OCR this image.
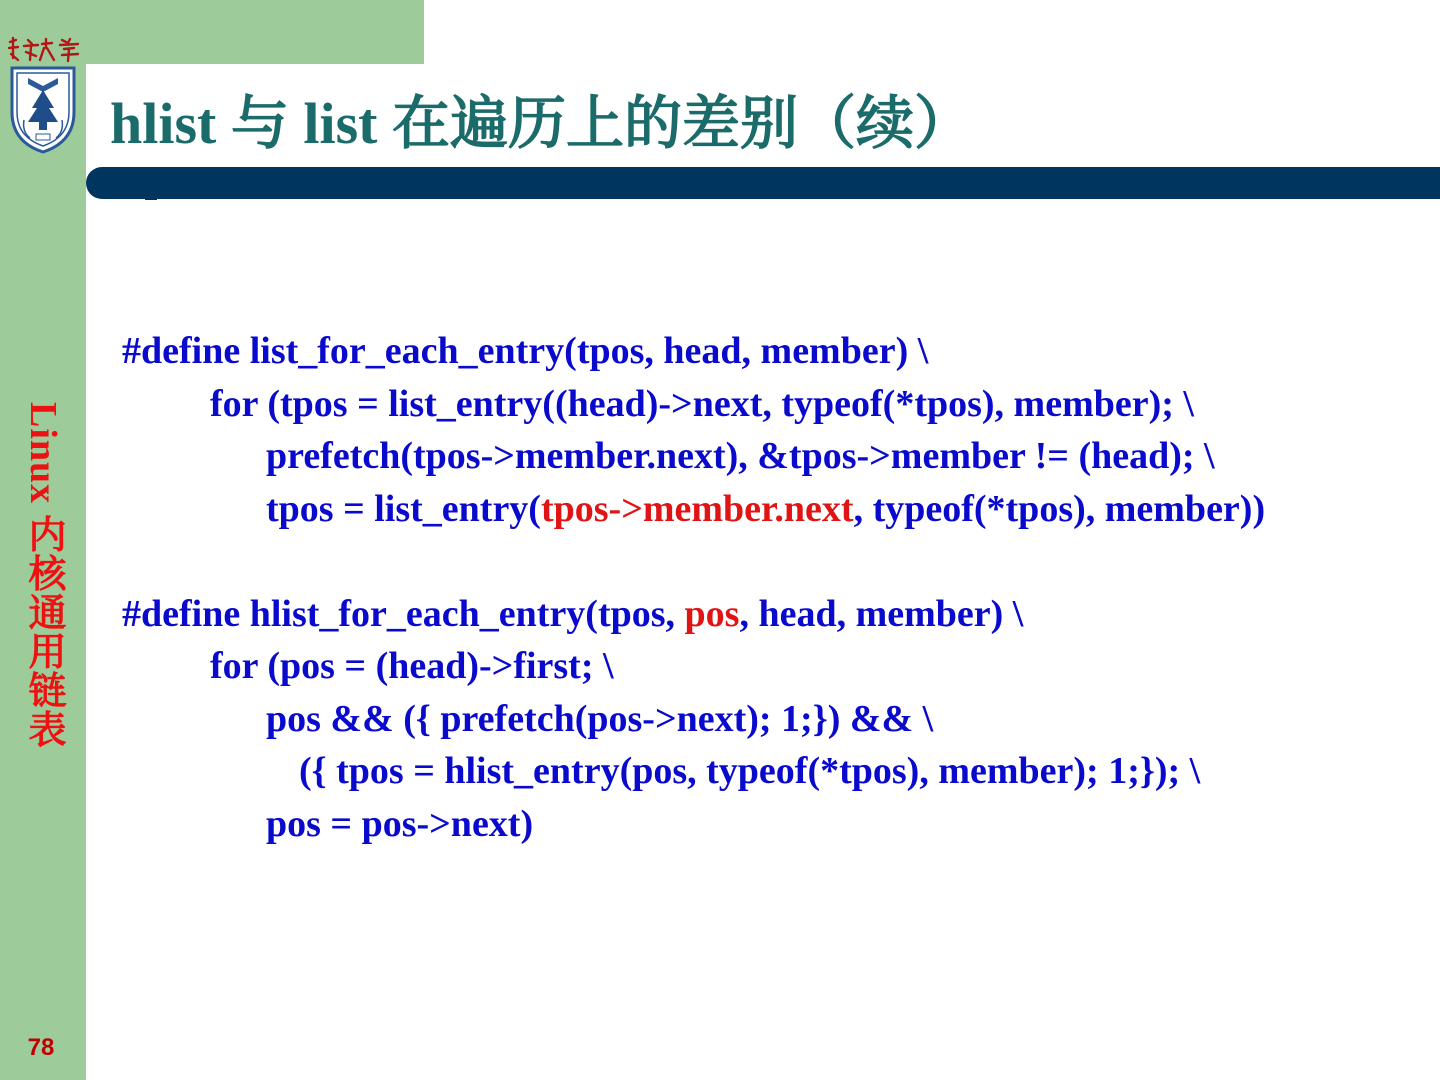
hlist 与 list 在遍历上的差别（续）
Linux 内核通用链表
78
#define list_for_each_entry(tpos, head, member) \
for (tpos = list_entry((head)->next, typeof(*tpos), member); \
prefetch(tpos->member.next), &tpos->member != (head); \
tpos = list_entry(tpos->member.next, typeof(*tpos), member))
#define hlist_for_each_entry(tpos, pos, head, member) \
for (pos = (head)->first; \
pos && ({ prefetch(pos->next); 1;}) && \
({ tpos = hlist_entry(pos, typeof(*tpos), member); 1;}); \
pos = pos->next)
